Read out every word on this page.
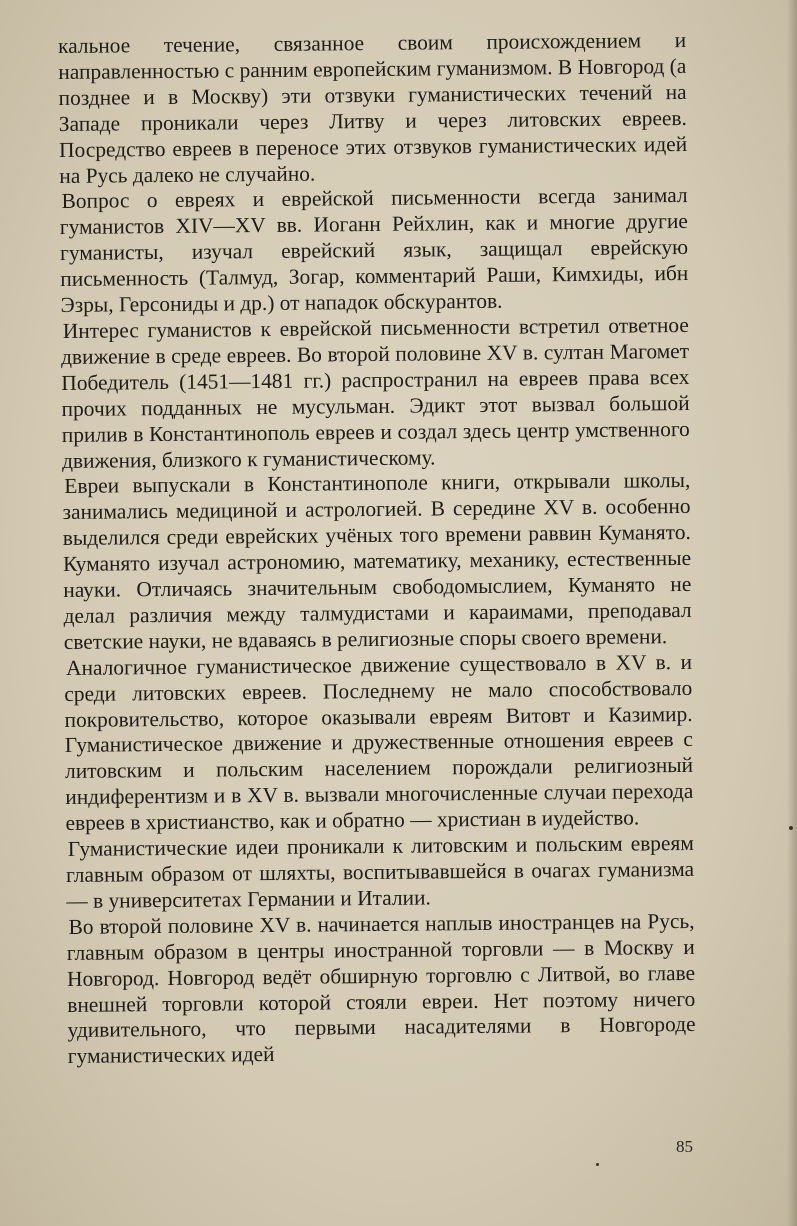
кальное течение, связанное своим происхождением и направленностью с ранним европейским гуманизмом. В Новгород (а позднее и в Москву) эти отзвуки гуманистических течений на Западе проникали через Литву и через литовских евреев. Посредство евреев в переносе этих отзвуков гуманистических идей на Русь далеко не случайно.

Вопрос о евреях и еврейской письменности всегда занимал гуманистов XIV—XV вв. Иоганн Рейхлин, как и многие другие гуманисты, изучал еврейский язык, защищал еврейскую письменность (Талмуд, Зогар, комментарий Раши, Кимхиды, ибн Эзры, Герсониды и др.) от нападок обскурантов.

Интерес гуманистов к еврейской письменности встретил ответное движение в среде евреев. Во второй половине XV в. султан Магомет Победитель (1451—1481 гг.) распространил на евреев права всех прочих подданных не мусульман. Эдикт этот вызвал большой прилив в Константинополь евреев и создал здесь центр умственного движения, близкого к гуманистическому.

Евреи выпускали в Константинополе книги, открывали школы, занимались медициной и астрологией. В середине XV в. особенно выделился среди еврейских учёных того времени раввин Куманято. Куманято изучал астрономию, математику, механику, естественные науки. Отличаясь значительным свободомыслием, Куманято не делал различия между талмудистами и караимами, преподавал светские науки, не вдаваясь в религиозные споры своего времени.

Аналогичное гуманистическое движение существовало в XV в. и среди литовских евреев. Последнему не мало способствовало покровительство, которое оказывали евреям Витовт и Казимир. Гуманистическое движение и дружественные отношения евреев с литовским и польским населением порождали религиозный индиферентизм и в XV в. вызвали многочисленные случаи перехода евреев в христианство, как и обратно — христиан в иудейство.

Гуманистические идеи проникали к литовским и польским евреям главным образом от шляхты, воспитывавшейся в очагах гуманизма — в университетах Германии и Италии.

Во второй половине XV в. начинается наплыв иностранцев на Русь, главным образом в центры иностранной торговли — в Москву и Новгород. Новгород ведёт обширную торговлю с Литвой, во главе внешней торговли которой стояли евреи. Нет поэтому ничего удивительного, что первыми насадителями в Новгороде гуманистических идей

85
